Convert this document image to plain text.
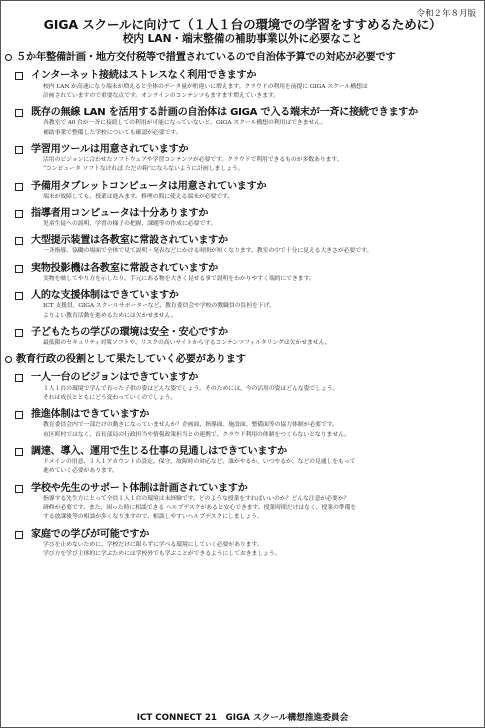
令和２年８月版
GIGA スクールに向けて（１人１台の環境での学習をすすめるために）
校内 LAN・端末整備の補助事業以外に必要なこと
５か年整備計画・地方交付税等で措置されているので自治体予算での対応が必要です
インターネット接続はストレスなく利用できますか
校内 LAN が高速になり端末が増えると全体のデータ量が桁違いに増えます。クラウドの利用を前提に GIGA スクール構想は
計画されていますので重要な点です。オンラインのコンテンツもますます増えていきます。
既存の無線 LAN を活用する計画の自治体は GIGA で入る端末が一斉に接続できますか
各教室で 40 台が一斉に接続しての利用が可能になっていないと、GIGA スクール構想の利用はできません。
補助事業で整備した学校についても確認が必要です。
学習用ツールは用意されていますか
活用のビジョンに合わせたソフトウェアや学習コンテンツが必要です。クラウドで利用できるものが多数あります。
“コンピュータ ソフトなければ ただの箱”にならないように計画しましょう。
予備用タブレットコンピュータは用意されていますか
端末が故障しても、授業は進みます。修理の間に使える端末が必要です。
指導者用コンピュータは十分ありますか
児童生徒への説明、学習の様子の把握、課題等の作成に必要です。
大型提示装置は各教室に常設されていますか
一斉指導、協働の場面で全体で見て説明・発表などにかける時間が短くなります。教室の中で十分に見える大きさが必要です。
実物投影機は各教室に常設されていますか
実物を映してやり方を示したり、手元にある物を大きく見せる事で説明をわかりやすく端的にできます。
人的な支援体制はできていますか
ICT 支援員、GIGA スクールサポーターなど、教育委員会や学校の教職員の負担を下げ、
よりよい教育活動を進めるためには欠かせません。
子どもたちの学びの環境は安全・安心ですか
最低限のセキュリティ対策ソフトや、リスクの高いサイトから守るコンテンツフィルタリングは欠かせません。
教育行政の役割として果たしていく必要があります
一人一台のビジョンはできていますか
１人１台の環境で学んで育った子供の姿はどんな姿でしょう。そのためには、今の活用の姿はどんな姿でしょう。
それは成長とともにどう変わっていくのでしょう。
推進体制はできていますか
教育委員会内で一部だけの動きになっていませんか？企画面、指導面、施設面、整備面等の協力体制が必要です。
市区町村ではなく、首長部局の行政担当や情報政策担当との連携で、クラウド利用の体制をつくらないとなりません。
調達、導入、運用で生じる仕事の見通しはできていますか
ドメインの用意、１人１アカウントの設定、保守、故障時の対応など、誰がやるか、いつやるか、などの見通しをもって
進めていく必要があります。
学校や先生のサポート体制は計画されていますか
指導する先生方にとって全員１人１台の環境は未経験です。どのような授業をすればいいのか？どんな注意が必要か？
研修が必要です。また、困った時に相談できる ヘルプデスクがあると安心できます。授業時間だけはなく、授業の準備を
する放課後等の相談が多くなりますので、相談しやすいヘルプデスクにしましょう。
家庭での学びが可能ですか
学びを止めないために、学校だけに限らずに学べる環境にしていく必要があります。
学び方を学び主体的に学ぶためには学校外でも学ぶことができるようにしておきましょう。
ICT CONNECT 21　GIGA スクール構想推進委員会
